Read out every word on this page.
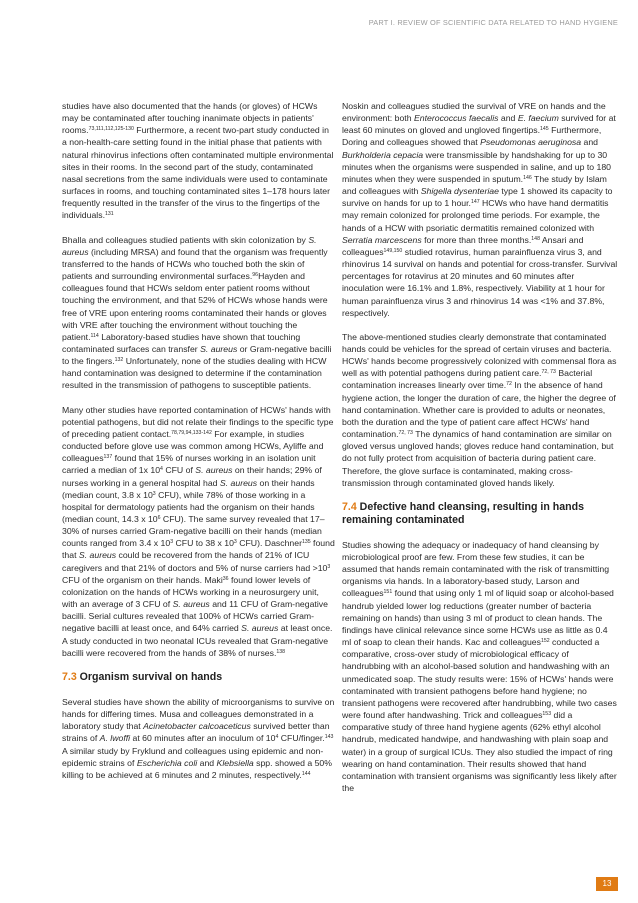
PART I. REVIEW OF SCIENTIFIC DATA RELATED TO HAND HYGIENE

studies have also documented that the hands (or gloves) of HCWs may be contaminated after touching inanimate objects in patients' rooms.$^{73,111,112,125-130}$ Furthermore, a recent two-part study conducted in a non-health-care setting found in the initial phase that patients with natural rhinovirus infections often contaminated multiple environmental sites in their rooms. In the second part of the study, contaminated nasal secretions from the same individuals were used to contaminate surfaces in rooms, and touching contaminated sites 1–178 hours later frequently resulted in the transfer of the virus to the fingertips of the individuals.$^{131}$

Bhalla and colleagues studied patients with skin colonization by S. aureus (including MRSA) and found that the organism was frequently transferred to the hands of HCWs who touched both the skin of patients and surrounding environmental surfaces.$^{96}$Hayden and colleagues found that HCWs seldom enter patient rooms without touching the environment, and that 52% of HCWs whose hands were free of VRE upon entering rooms contaminated their hands or gloves with VRE after touching the environment without touching the patient.$^{114}$ Laboratory-based studies have shown that touching contaminated surfaces can transfer S. aureus or Gram-negative bacilli to the fingers.$^{132}$ Unfortunately, none of the studies dealing with HCW hand contamination was designed to determine if the contamination resulted in the transmission of pathogens to susceptible patients.

Many other studies have reported contamination of HCWs' hands with potential pathogens, but did not relate their findings to the specific type of preceding patient contact.$^{78,79,94,133-142}$ For example, in studies conducted before glove use was common among HCWs, Ayliffe and colleagues$^{137}$ found that 15% of nurses working in an isolation unit carried a median of 1x $10^4$ CFU of S. aureus on their hands; 29% of nurses working in a general hospital had S. aureus on their hands (median count, 3.8 x $10^3$ CFU), while 78% of those working in a hospital for dermatology patients had the organism on their hands (median count, 14.3 x $10^6$ CFU). The same survey revealed that 17–30% of nurses carried Gram-negative bacilli on their hands (median counts ranged from 3.4 x $10^3$ CFU to 38 x $10^3$ CFU). Daschner$^{135}$ found that S. aureus could be recovered from the hands of 21% of ICU caregivers and that 21% of doctors and 5% of nurse carriers had $>10^3$ CFU of the organism on their hands. Maki$^{36}$ found lower levels of colonization on the hands of HCWs working in a neurosurgery unit, with an average of 3 CFU of S. aureus and 11 CFU of Gram-negative bacilli. Serial cultures revealed that 100% of HCWs carried Gram-negative bacilli at least once, and 64% carried S. aureus at least once. A study conducted in two neonatal ICUs revealed that Gram-negative bacilli were recovered from the hands of 38% of nurses.$^{138}$

7.3 Organism survival on hands

Several studies have shown the ability of microorganisms to survive on hands for differing times. Musa and colleagues demonstrated in a laboratory study that Acinetobacter calcoaceticus survived better than strains of A. lwoffi at 60 minutes after an inoculum of $10^4$ CFU/finger.$^{143}$ A similar study by Fryklund and colleagues using epidemic and non-epidemic strains of Escherichia coli and Klebsiella spp. showed a 50% killing to be achieved at 6 minutes and 2 minutes, respectively.$^{144}$

Noskin and colleagues studied the survival of VRE on hands and the environment: both Enterococcus faecalis and E. faecium survived for at least 60 minutes on gloved and ungloved fingertips.$^{145}$ Furthermore, Doring and colleagues showed that Pseudomonas aeruginosa and Burkholderia cepacia were transmissible by handshaking for up to 30 minutes when the organisms were suspended in saline, and up to 180 minutes when they were suspended in sputum.$^{146}$ The study by Islam and colleagues with Shigella dysenteriae type 1 showed its capacity to survive on hands for up to 1 hour.$^{147}$ HCWs who have hand dermatitis may remain colonized for prolonged time periods. For example, the hands of a HCW with psoriatic dermatitis remained colonized with Serratia marcescens for more than three months.$^{148}$ Ansari and colleagues$^{149,150}$ studied rotavirus, human parainfluenza virus 3, and rhinovirus 14 survival on hands and potential for cross-transfer. Survival percentages for rotavirus at 20 minutes and 60 minutes after inoculation were 16.1% and 1.8%, respectively. Viability at 1 hour for human parainfluenza virus 3 and rhinovirus 14 was <1% and 37.8%, respectively.

The above-mentioned studies clearly demonstrate that contaminated hands could be vehicles for the spread of certain viruses and bacteria. HCWs' hands become progressively colonized with commensal flora as well as with potential pathogens during patient care.$^{72, 73}$ Bacterial contamination increases linearly over time.$^{72}$ In the absence of hand hygiene action, the longer the duration of care, the higher the degree of hand contamination. Whether care is provided to adults or neonates, both the duration and the type of patient care affect HCWs' hand contamination.$^{72, 73}$ The dynamics of hand contamination are similar on gloved versus ungloved hands; gloves reduce hand contamination, but do not fully protect from acquisition of bacteria during patient care. Therefore, the glove surface is contaminated, making cross-transmission through contaminated gloved hands likely.

7.4 Defective hand cleansing, resulting in hands remaining contaminated

Studies showing the adequacy or inadequacy of hand cleansing by microbiological proof are few. From these few studies, it can be assumed that hands remain contaminated with the risk of transmitting organisms via hands. In a laboratory-based study, Larson and colleagues$^{151}$ found that using only 1 ml of liquid soap or alcohol-based handrub yielded lower log reductions (greater number of bacteria remaining on hands) than using 3 ml of product to clean hands. The findings have clinical relevance since some HCWs use as little as 0.4 ml of soap to clean their hands. Kac and colleagues$^{152}$ conducted a comparative, cross-over study of microbiological efficacy of handrubbing with an alcohol-based solution and handwashing with an unmedicated soap. The study results were: 15% of HCWs' hands were contaminated with transient pathogens before hand hygiene; no transient pathogens were recovered after handrubbing, while two cases were found after handwashing. Trick and colleagues$^{153}$ did a comparative study of three hand hygiene agents (62% ethyl alcohol handrub, medicated handwipe, and handwashing with plain soap and water) in a group of surgical ICUs. They also studied the impact of ring wearing on hand contamination. Their results showed that hand contamination with transient organisms was significantly less likely after the

13
